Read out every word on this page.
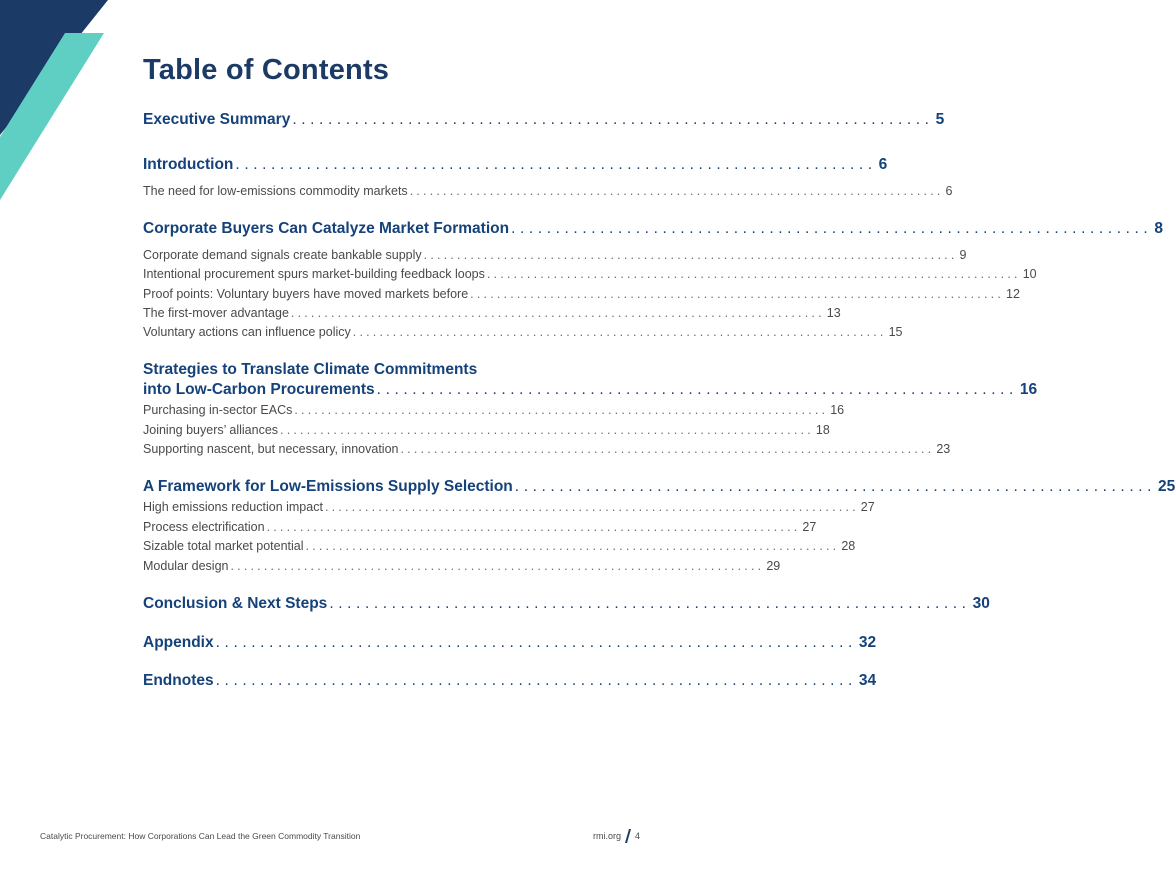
Table of Contents
Executive Summary ........................................................................ 5
Introduction ........................................................................ 6
The need for low-emissions commodity markets ................................................................................ 6
Corporate Buyers Can Catalyze Market Formation ........................................................................ 8
Corporate demand signals create bankable supply ................................................................................ 9
Intentional procurement spurs market-building feedback loops ................................................................................ 10
Proof points: Voluntary buyers have moved markets before ................................................................................ 12
The first-mover advantage ................................................................................ 13
Voluntary actions can influence policy ................................................................................ 15
Strategies to Translate Climate Commitments
into Low-Carbon Procurements ........................................................................ 16
Purchasing in-sector EACs ................................................................................ 16
Joining buyers’ alliances ................................................................................ 18
Supporting nascent, but necessary, innovation ................................................................................ 23
A Framework for Low-Emissions Supply Selection ........................................................................ 25
High emissions reduction impact ................................................................................ 27
Process electrification ................................................................................ 27
Sizable total market potential ................................................................................ 28
Modular design ................................................................................ 29
Conclusion & Next Steps ........................................................................ 30
Appendix ........................................................................ 32
Endnotes ........................................................................ 34
Catalytic Procurement: How Corporations Can Lead the Green Commodity Transition	rmi.org 4
